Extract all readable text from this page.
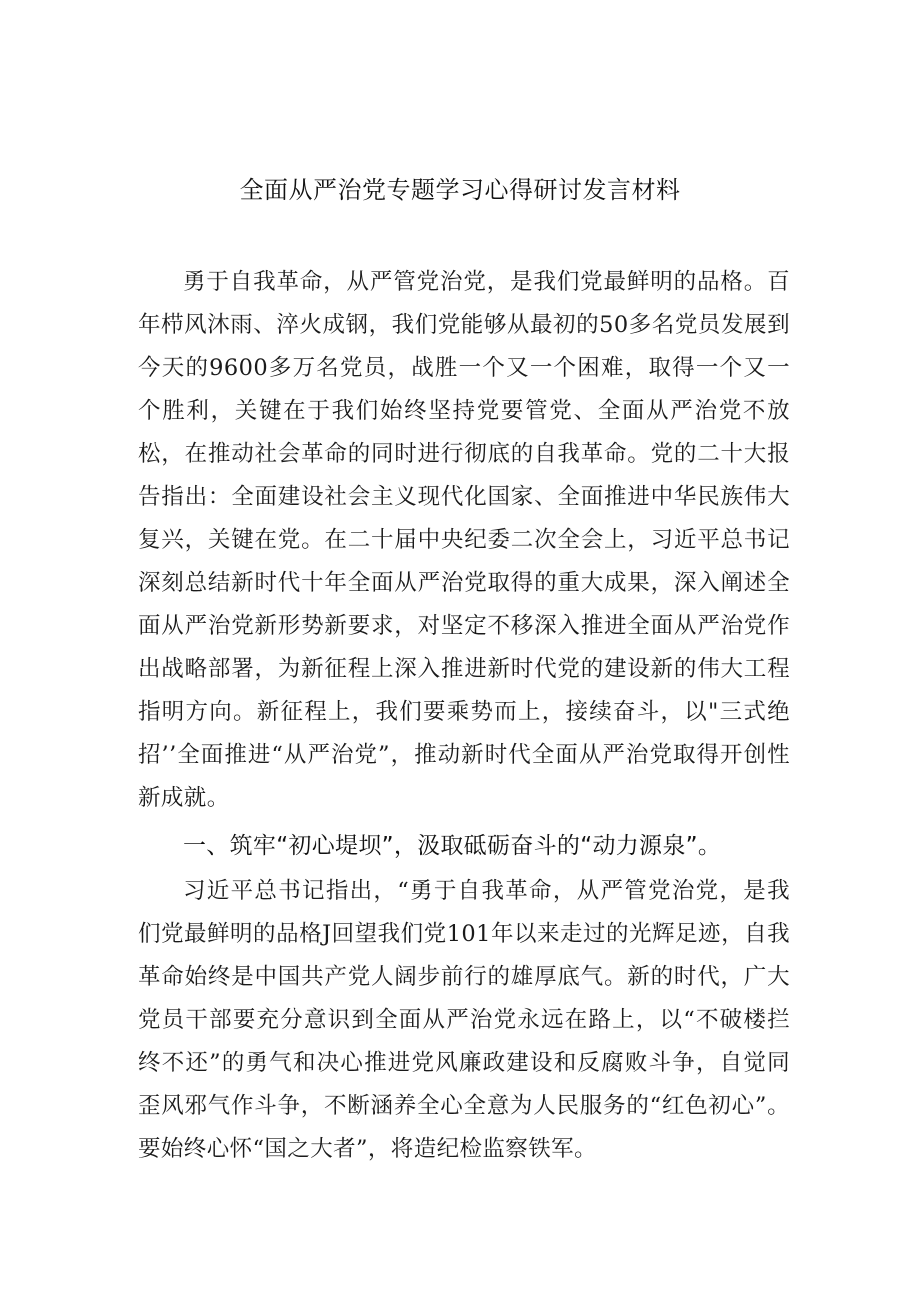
全面从严治党专题学习心得研讨发言材料

勇于自我革命，从严管党治党，是我们党最鲜明的品格。百年栉风沐雨、淬火成钢，我们党能够从最初的50多名党员发展到今天的9600多万名党员，战胜一个又一个困难，取得一个又一个胜利，关键在于我们始终坚持党要管党、全面从严治党不放松，在推动社会革命的同时进行彻底的自我革命。党的二十大报告指出：全面建设社会主义现代化国家、全面推进中华民族伟大复兴，关键在党。在二十届中央纪委二次全会上，习近平总书记深刻总结新时代十年全面从严治党取得的重大成果，深入阐述全面从严治党新形势新要求，对坚定不移深入推进全面从严治党作出战略部署，为新征程上深入推进新时代党的建设新的伟大工程指明方向。新征程上，我们要乘势而上，接续奋斗，以"三式绝招’’全面推进“从严治党”，推动新时代全面从严治党取得开创性新成就。

一、筑牢“初心堤坝”，汲取砥砺奋斗的“动力源泉”。

习近平总书记指出，“勇于自我革命，从严管党治党，是我们党最鲜明的品格J回望我们党101年以来走过的光辉足迹，自我革命始终是中国共产党人阔步前行的雄厚底气。新的时代，广大党员干部要充分意识到全面从严治党永远在路上，以“不破楼拦终不还”的勇气和决心推进党风廉政建设和反腐败斗争，自觉同歪风邪气作斗争，不断涵养全心全意为人民服务的“红色初心”。要始终心怀“国之大者”，将造纪检监察铁军。
